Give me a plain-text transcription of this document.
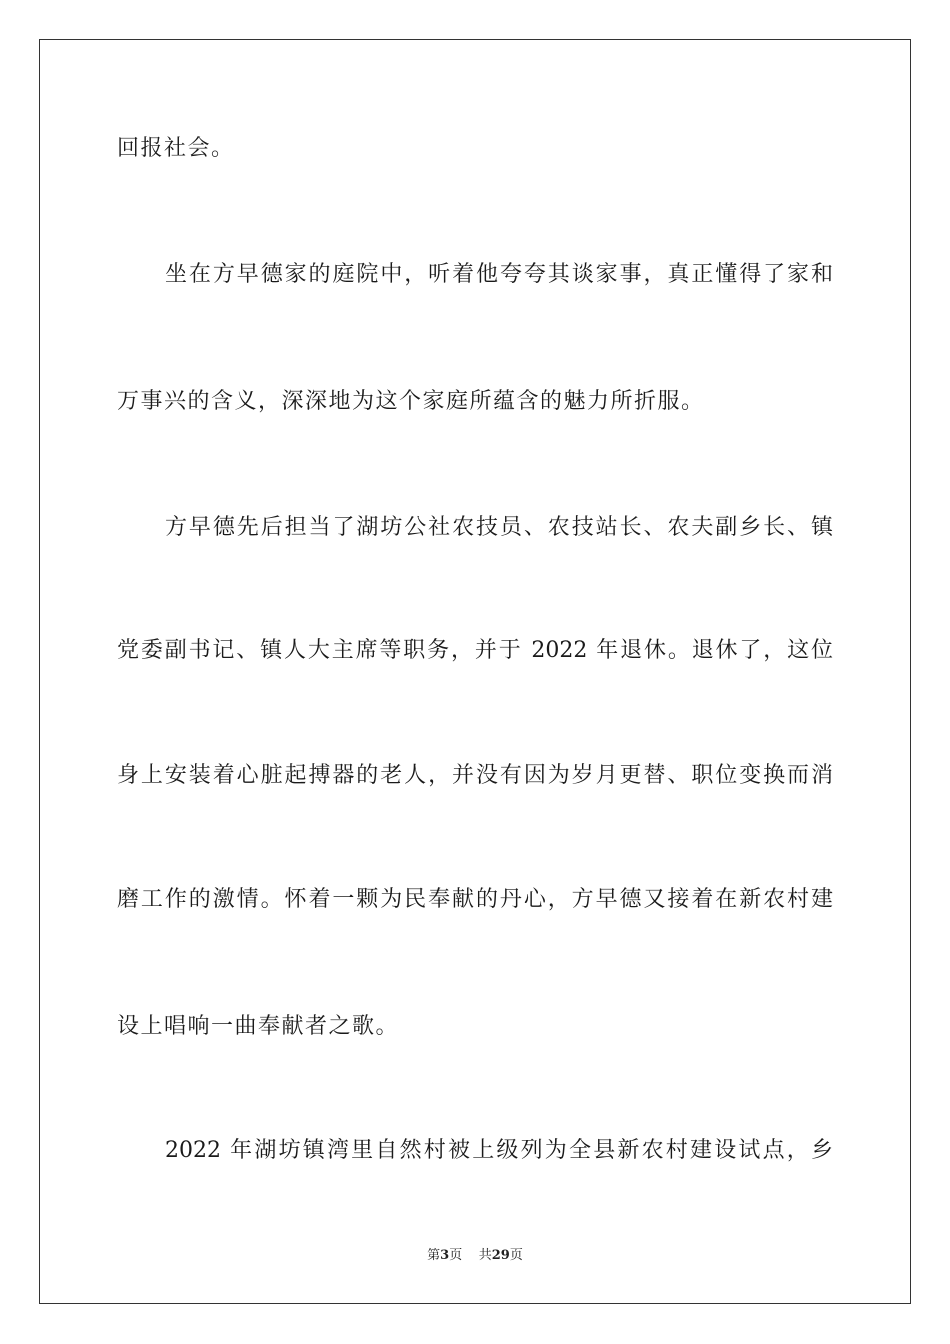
回报社会。
坐在方早德家的庭院中，听着他夸夸其谈家事，真正懂得了家和
万事兴的含义，深深地为这个家庭所蕴含的魅力所折服。
方早德先后担当了湖坊公社农技员、农技站长、农夫副乡长、镇
党委副书记、镇人大主席等职务，并于 2022 年退休。退休了，这位
身上安装着心脏起搏器的老人，并没有因为岁月更替、职位变换而消
磨工作的激情。怀着一颗为民奉献的丹心，方早德又接着在新农村建
设上唱响一曲奉献者之歌。
2022 年湖坊镇湾里自然村被上级列为全县新农村建设试点，乡
第3页 共29页
